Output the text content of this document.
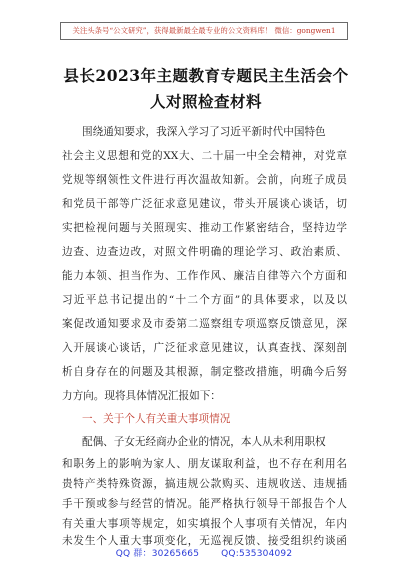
关注头条号“公文研究”，获得最新最全最专业的公文资料库！ 微信：gongwen1
县长2023年主题教育专题民主生活会个
人对照检查材料
围绕通知要求，我深入学习了习近平新时代中国特色
社会主义思想和党的XX大、二十届一中全会精神，对党章
党规等纲领性文件进行再次温故知新。会前，向班子成员
和党员干部等广泛征求意见建议，带头开展谈心谈话，切
实把检视问题与关照现实、推动工作紧密结合，坚持边学
边查、边查边改，对照文件明确的理论学习、政治素质、
能力本领、担当作为、工作作风、廉洁自律等六个方面和
习近平总书记提出的“十二个方面”的具体要求，以及以
案促改通知要求及市委第二巡察组专项巡察反馈意见，深
入开展谈心谈话，广泛征求意见建议，认真查找、深刻剖
析自身存在的问题及其根源，制定整改措施，明确今后努
力方向。现将具体情况汇报如下：
一、关于个人有关重大事项情况
配偶、子女无经商办企业的情况，本人从未利用职权
和职务上的影响为家人、朋友谋取利益，也不存在利用名
贵特产类特殊资源，搞违规公款购买、违规收送、违规插
手干预或参与经营的情况。能严格执行领导干部报告个人
有关重大事项等规定，如实填报个人事项有关情况，年内
未发生个人重大事项变化，无巡视反馈、接受组织约谈函
QQ 群：30265665 QQ:535304092
